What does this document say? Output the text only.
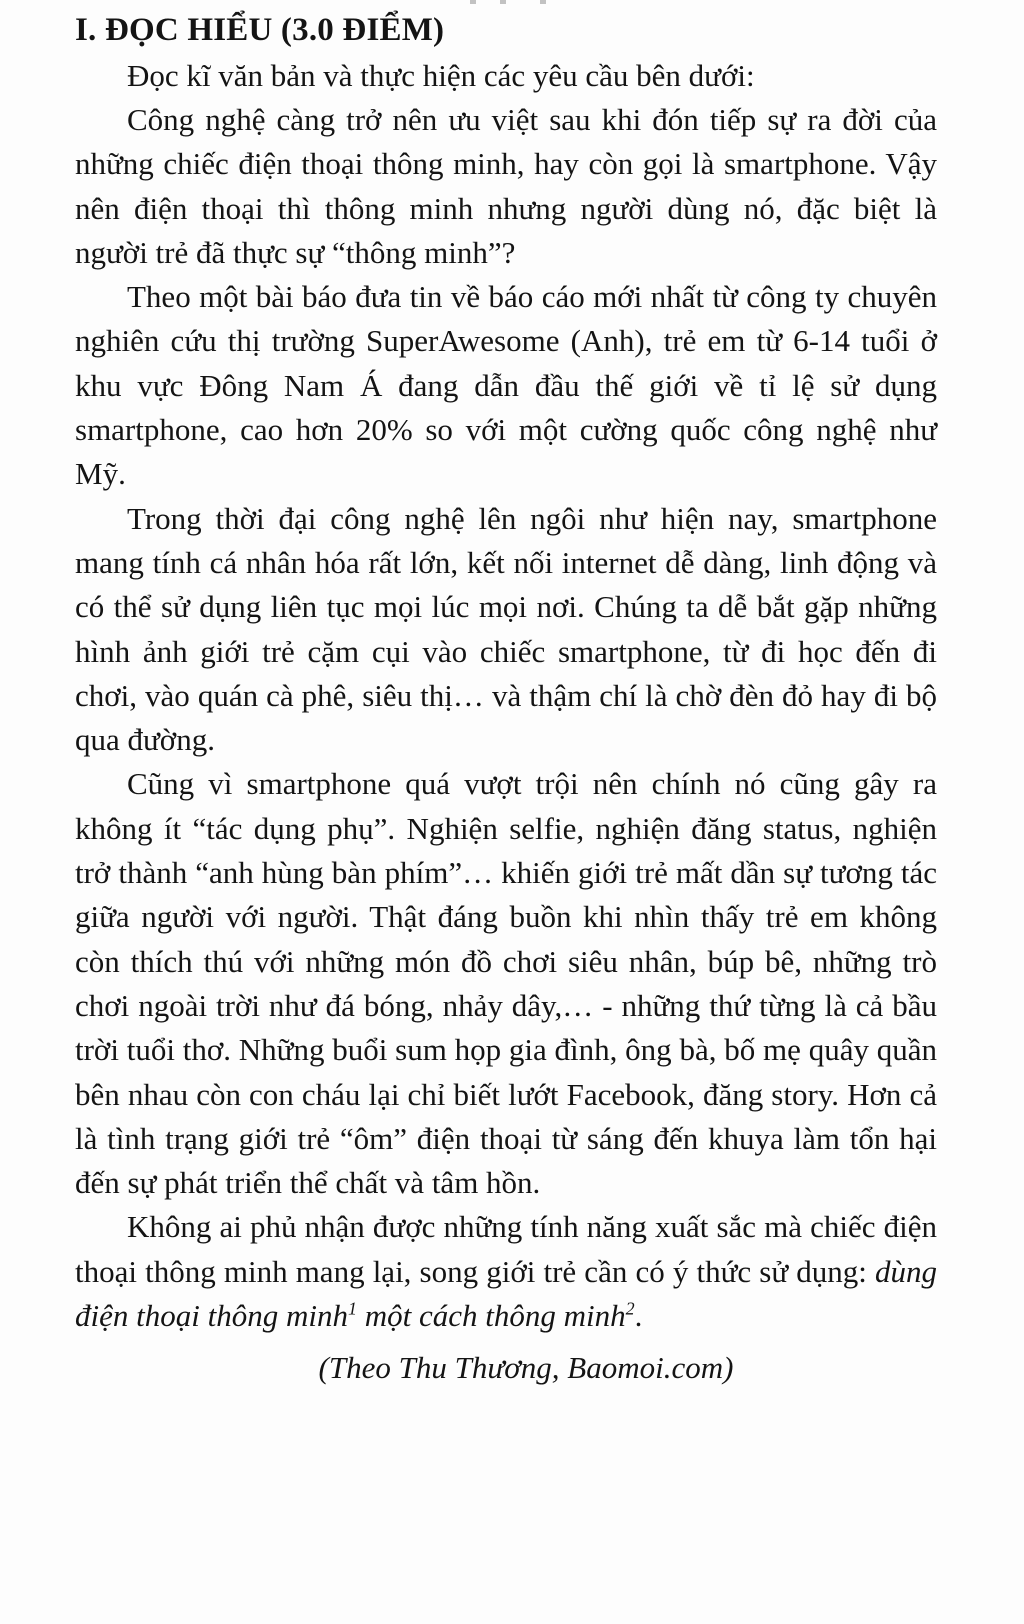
I. ĐỌC HIỂU (3.0 ĐIỂM)

Đọc kĩ văn bản và thực hiện các yêu cầu bên dưới:

Công nghệ càng trở nên ưu việt sau khi đón tiếp sự ra đời của những chiếc điện thoại thông minh, hay còn gọi là smartphone. Vậy nên điện thoại thì thông minh nhưng người dùng nó, đặc biệt là người trẻ đã thực sự “thông minh”?

Theo một bài báo đưa tin về báo cáo mới nhất từ công ty chuyên nghiên cứu thị trường SuperAwesome (Anh), trẻ em từ 6-14 tuổi ở khu vực Đông Nam Á đang dẫn đầu thế giới về tỉ lệ sử dụng smartphone, cao hơn 20% so với một cường quốc công nghệ như Mỹ.

Trong thời đại công nghệ lên ngôi như hiện nay, smartphone mang tính cá nhân hóa rất lớn, kết nối internet dễ dàng, linh động và có thể sử dụng liên tục mọi lúc mọi nơi. Chúng ta dễ bắt gặp những hình ảnh giới trẻ cặm cụi vào chiếc smartphone, từ đi học đến đi chơi, vào quán cà phê, siêu thị… và thậm chí là chờ đèn đỏ hay đi bộ qua đường.

Cũng vì smartphone quá vượt trội nên chính nó cũng gây ra không ít “tác dụng phụ”. Nghiện selfie, nghiện đăng status, nghiện trở thành “anh hùng bàn phím”… khiến giới trẻ mất dần sự tương tác giữa người với người. Thật đáng buồn khi nhìn thấy trẻ em không còn thích thú với những món đồ chơi siêu nhân, búp bê, những trò chơi ngoài trời như đá bóng, nhảy dây,… - những thứ từng là cả bầu trời tuổi thơ. Những buổi sum họp gia đình, ông bà, bố mẹ quây quần bên nhau còn con cháu lại chỉ biết lướt Facebook, đăng story. Hơn cả là tình trạng giới trẻ “ôm” điện thoại từ sáng đến khuya làm tổn hại đến sự phát triển thể chất và tâm hồn.

Không ai phủ nhận được những tính năng xuất sắc mà chiếc điện thoại thông minh mang lại, song giới trẻ cần có ý thức sử dụng: dùng điện thoại thông minh$^1$ một cách thông minh$^2$.

(Theo Thu Thương, Baomoi.com)
